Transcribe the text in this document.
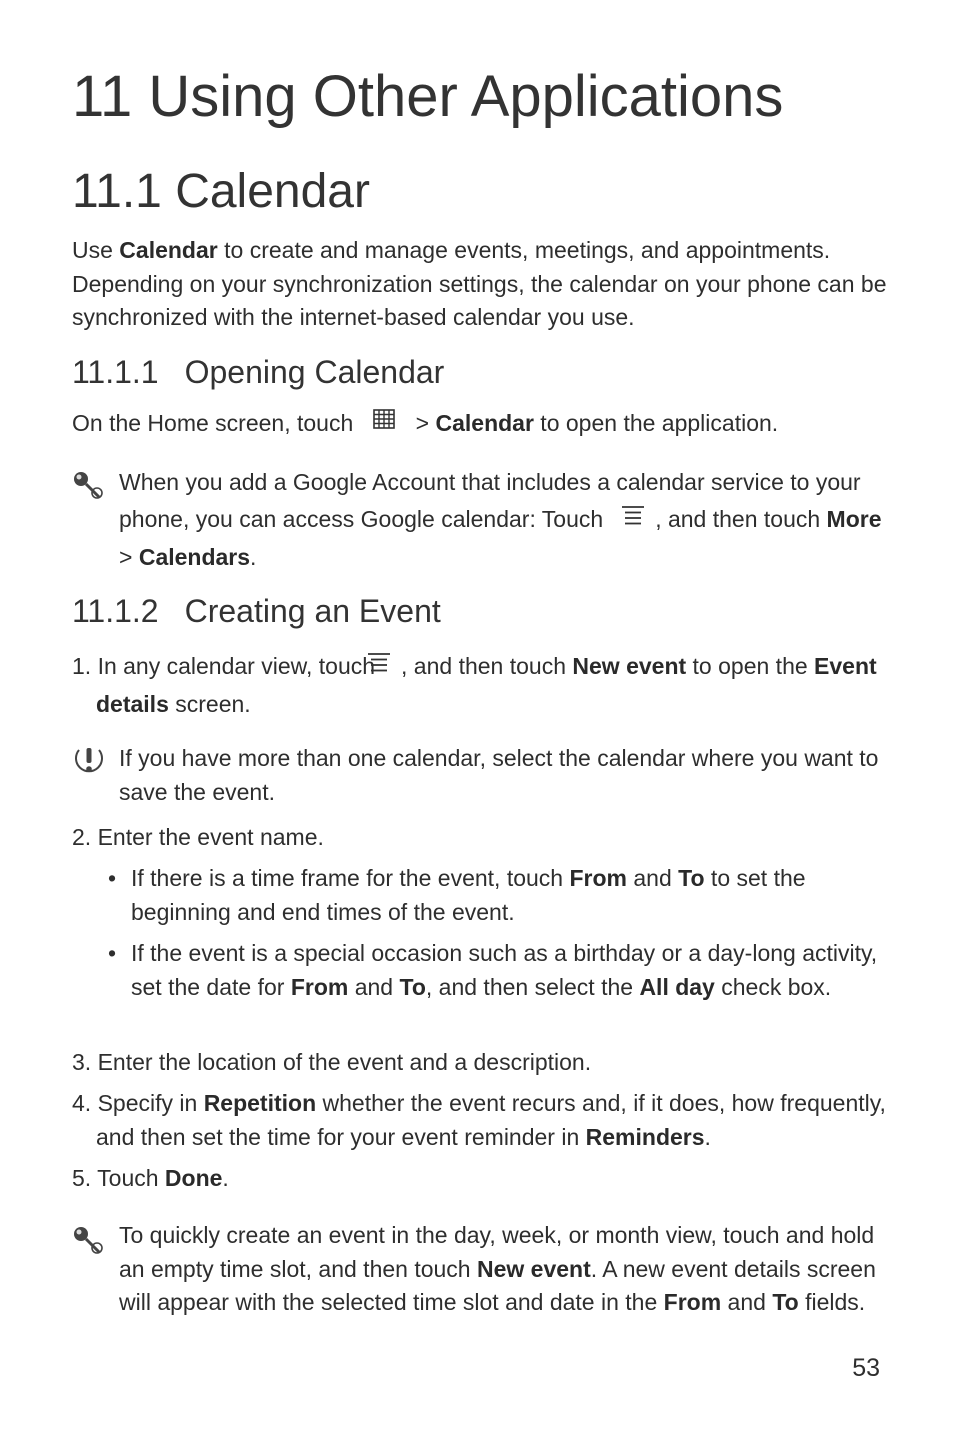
11 Using Other Applications
11.1 Calendar

Use Calendar to create and manage events, meetings, and appointments. Depending on your synchronization settings, the calendar on your phone can be synchronized with the internet-based calendar you use.

11.1.1 Opening Calendar

On the Home screen, touch > Calendar to open the application.

When you add a Google Account that includes a calendar service to your phone, you can access Google calendar: Touch , and then touch More > Calendars.

11.1.2 Creating an Event

1. In any calendar view, touch , and then touch New event to open the Event details screen.

If you have more than one calendar, select the calendar where you want to save the event.

2. Enter the event name.

• If there is a time frame for the event, touch From and To to set the beginning and end times of the event.

• If the event is a special occasion such as a birthday or a day-long activity, set the date for From and To, and then select the All day check box.

3. Enter the location of the event and a description.

4. Specify in Repetition whether the event recurs and, if it does, how frequently, and then set the time for your event reminder in Reminders.

5. Touch Done.

To quickly create an event in the day, week, or month view, touch and hold an empty time slot, and then touch New event. A new event details screen will appear with the selected time slot and date in the From and To fields.

53
